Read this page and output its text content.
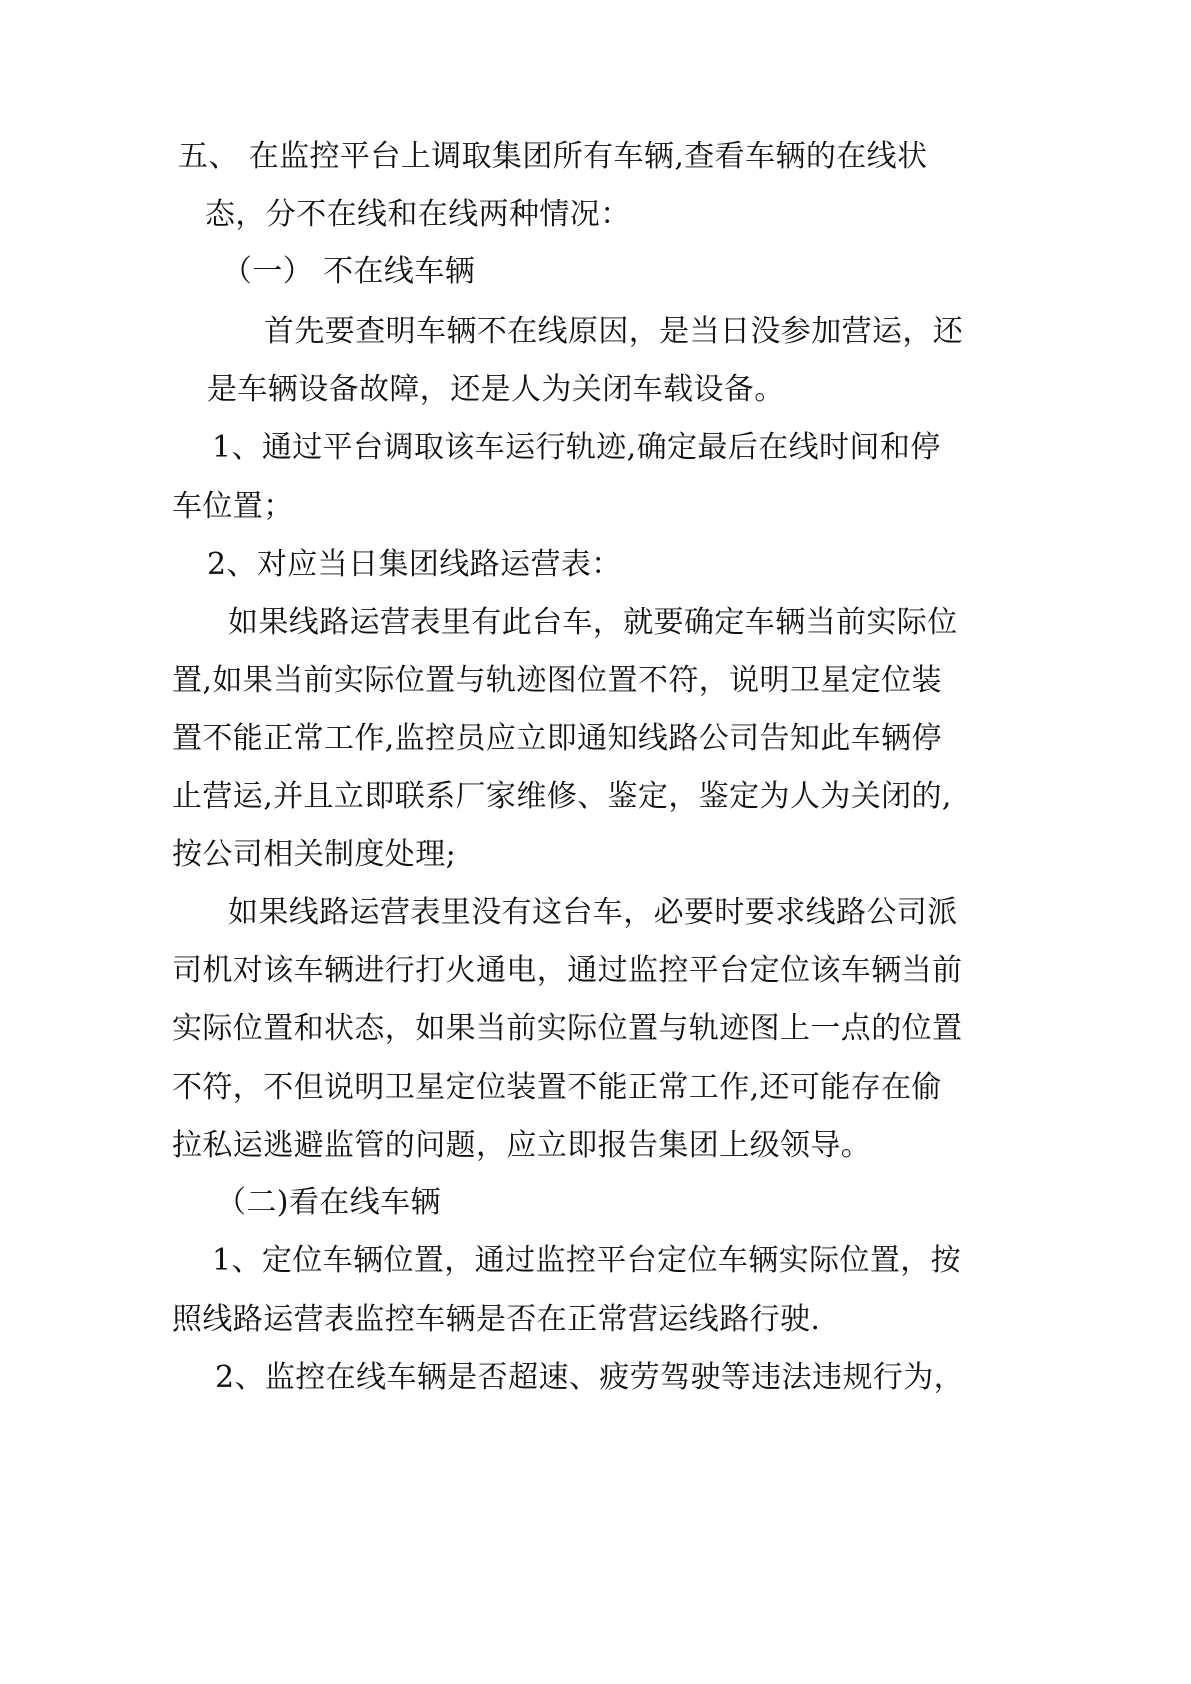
五、 在监控平台上调取集团所有车辆,查看车辆的在线状
态，分不在线和在线两种情况：
（一） 不在线车辆
首先要查明车辆不在线原因，是当日没参加营运，还
是车辆设备故障，还是人为关闭车载设备。
1、通过平台调取该车运行轨迹,确定最后在线时间和停
车位置；
2、对应当日集团线路运营表：
如果线路运营表里有此台车，就要确定车辆当前实际位
置,如果当前实际位置与轨迹图位置不符，说明卫星定位装
置不能正常工作,监控员应立即通知线路公司告知此车辆停
止营运,并且立即联系厂家维修、鉴定，鉴定为人为关闭的,
按公司相关制度处理;
如果线路运营表里没有这台车，必要时要求线路公司派
司机对该车辆进行打火通电，通过监控平台定位该车辆当前
实际位置和状态，如果当前实际位置与轨迹图上一点的位置
不符，不但说明卫星定位装置不能正常工作,还可能存在偷
拉私运逃避监管的问题，应立即报告集团上级领导。
（二)看在线车辆
1、定位车辆位置，通过监控平台定位车辆实际位置，按
照线路运营表监控车辆是否在正常营运线路行驶.
2、监控在线车辆是否超速、疲劳驾驶等违法违规行为，
